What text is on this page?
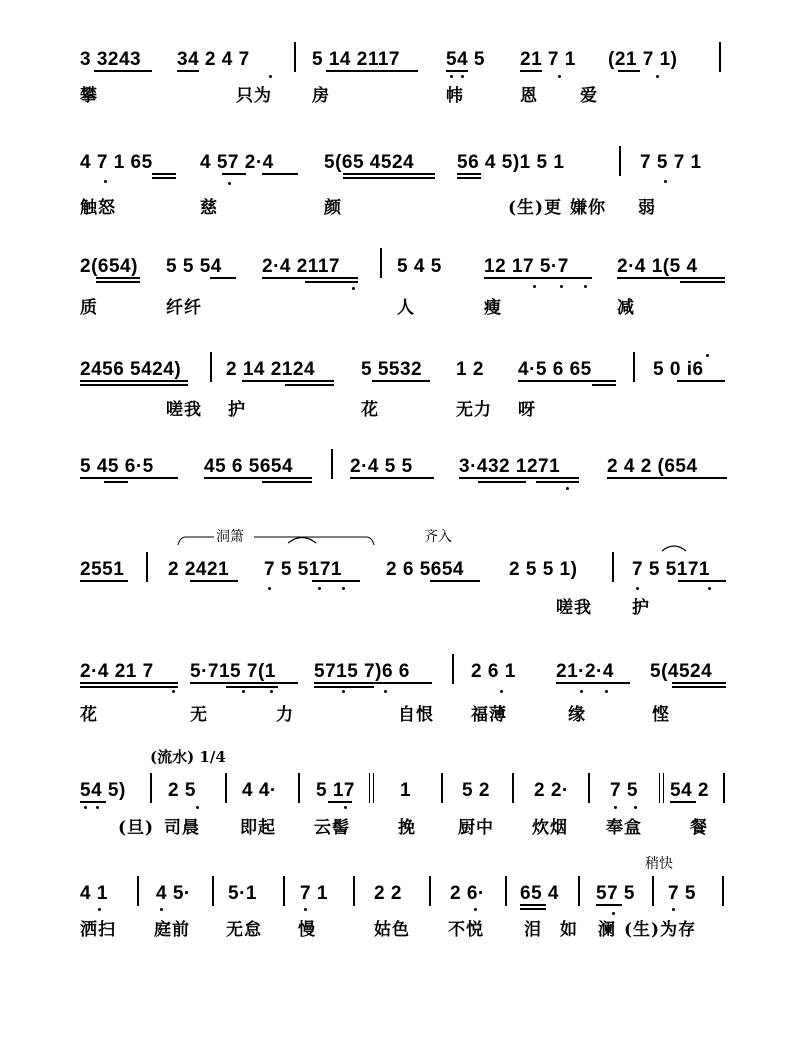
3 3243 34 2 4 7	5 14 2117 54 5 21 7 1 (21 7 1)
攀	只为 房	帏	恩 爱
4 7 1 65 4 57 2·4	5(65 4524 56 4 5)1 5 1	7 5 7 1
触怒	慈	颜	(生)更 嫌你 弱
2(654) 5 5 54 2·4 2117	5 4 5 12 17 5·7	2·4 1(5 4
质	纤纤	人	瘦	减
2456 5424) 2 14 2124 5 5532 1 2 4·5 6 65	5 0 i6
嗟我 护	花	无力 呀
5 45 6·5	45 6 5654	2·4 5 5 3·432 1271 2 4 2 (654
洞箫	齐入
2551 2 2421 7 5 5171 2 6 5654 2 5 5 1)	7 5 5171
嗟我 护
2·4 21 7 5·715 7(1 5715 7)6 6	2 6 1 21·2·4 5(4524
花	无	力	自恨 福薄	缘	悭
(流水) 1/4
54 5) 2 5 4 4· 5 17 1	5 2 2 2· 7 5 54 2
(旦) 司晨 即起 云髻	挽 厨中 炊烟 奉盒	餐
稍快
4 1	4 5· 5·1 7 1 2 2	2 6· 65 4 57 5 7 5
洒扫 庭前 无怠 慢	姑色 不悦 泪 如 澜 (生)为存
